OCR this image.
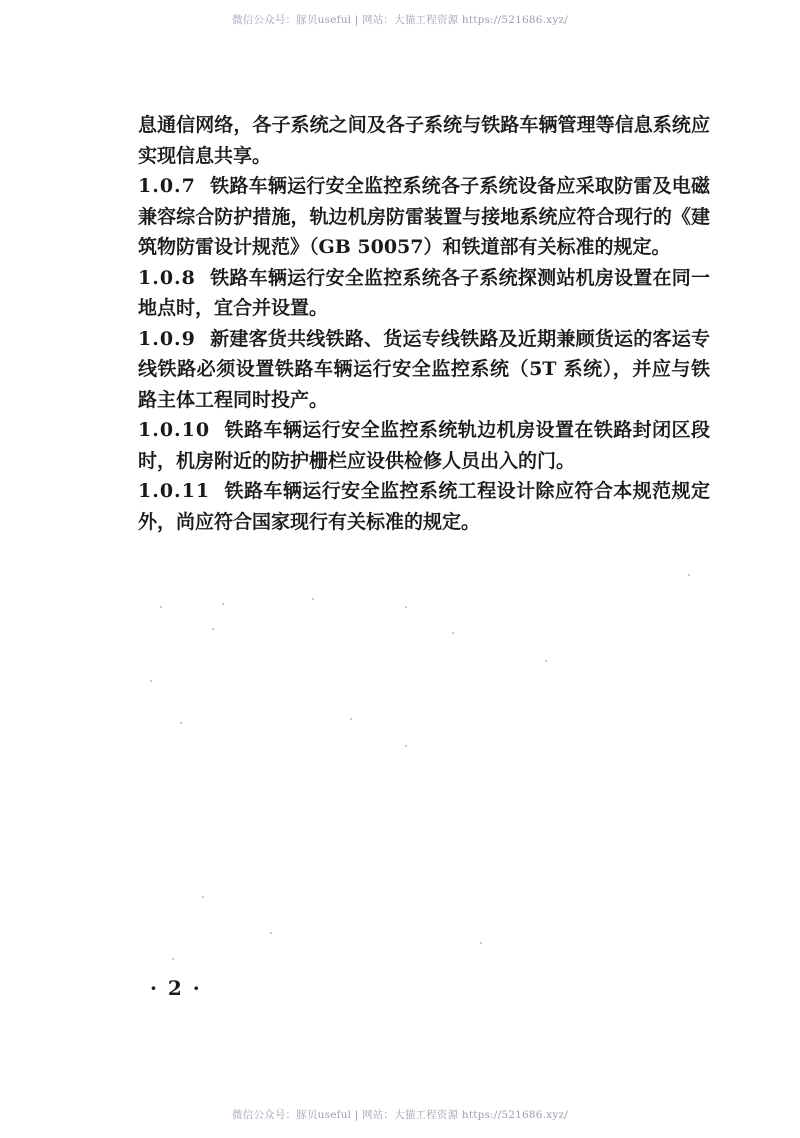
微信公众号：豚贝useful | 网站：大猫工程资源 https://521686.xyz/

息通信网络，各子系统之间及各子系统与铁路车辆管理等信息系统应实现信息共享。

1.0.7 铁路车辆运行安全监控系统各子系统设备应采取防雷及电磁兼容综合防护措施，轨边机房防雷装置与接地系统应符合现行的《建筑物防雷设计规范》（GB 50057）和铁道部有关标准的规定。

1.0.8 铁路车辆运行安全监控系统各子系统探测站机房设置在同一地点时，宜合并设置。

1.0.9 新建客货共线铁路、货运专线铁路及近期兼顾货运的客运专线铁路必须设置铁路车辆运行安全监控系统（5T 系统），并应与铁路主体工程同时投产。

1.0.10 铁路车辆运行安全监控系统轨边机房设置在铁路封闭区段时，机房附近的防护栅栏应设供检修人员出入的门。

1.0.11 铁路车辆运行安全监控系统工程设计除应符合本规范规定外，尚应符合国家现行有关标准的规定。

· 2 ·
微信公众号：豚贝useful | 网站：大猫工程资源 https://521686.xyz/
